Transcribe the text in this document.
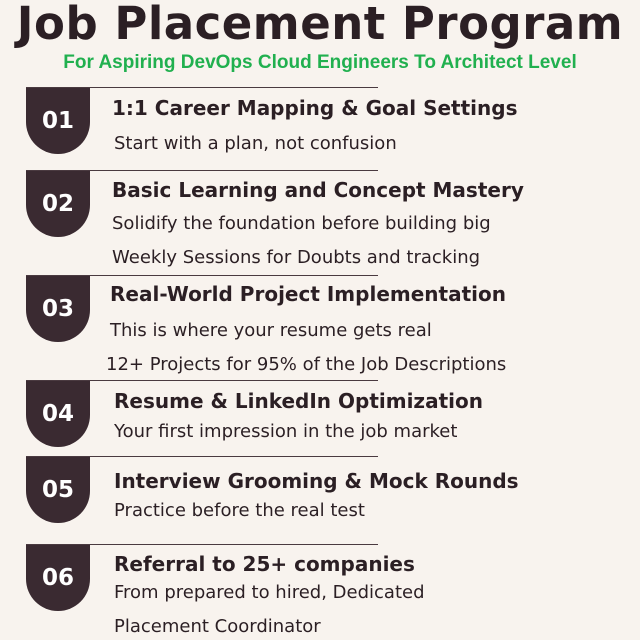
Job Placement Program
For Aspiring DevOps Cloud Engineers To Architect Level
01	1:1 Career Mapping & Goal Settings
Start with a plan, not confusion
02
Basic Learning and Concept Mastery
Solidify the foundation before building big
Weekly Sessions for Doubts and tracking
03
Real-World Project Implementation
This is where your resume gets real
12+ Projects for 95% of the Job Descriptions
04	Resume & LinkedIn Optimization
Your first impression in the job market
05	Interview Grooming & Mock Rounds
Practice before the real test
06
Referral to 25+ companies
From prepared to hired, Dedicated
Placement Coordinator
